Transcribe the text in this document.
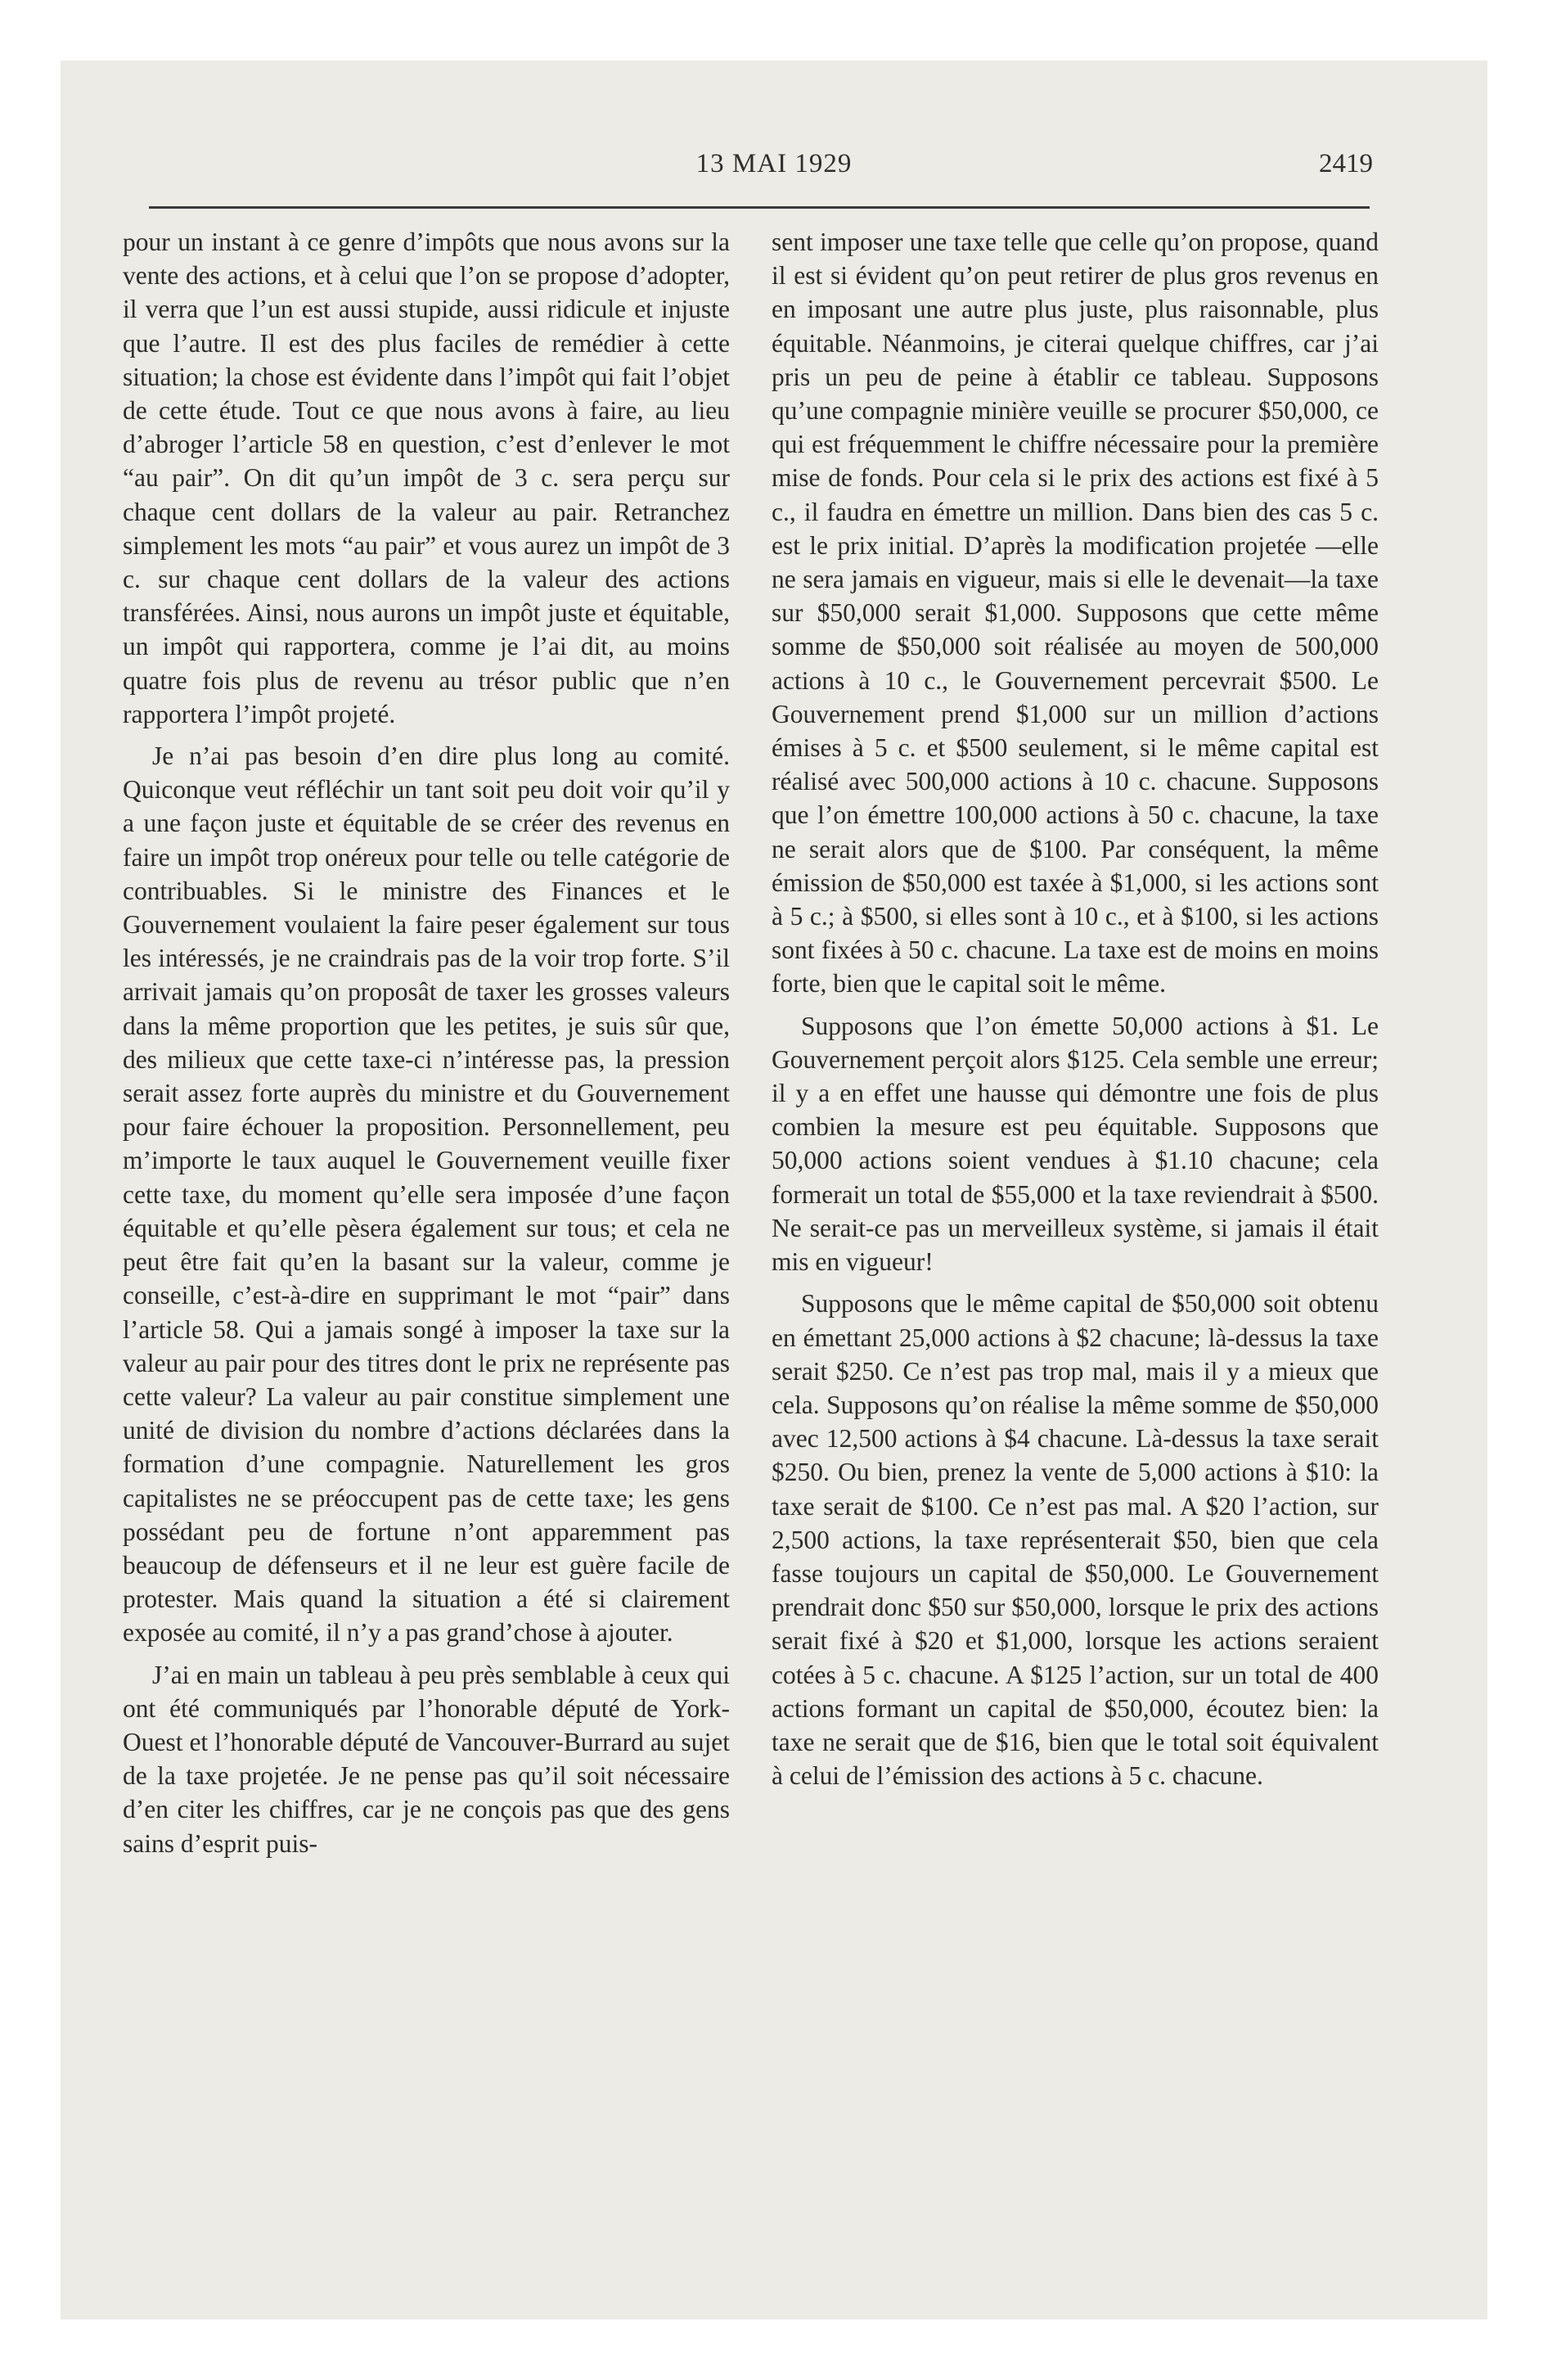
13 MAI 1929	2419

pour un instant à ce genre d’impôts que nous avons sur la vente des actions, et à celui que l’on se propose d’adopter, il verra que l’un est aussi stupide, aussi ridicule et injuste que l’autre. Il est des plus faciles de remédier à cette situation; la chose est évidente dans l’impôt qui fait l’objet de cette étude. Tout ce que nous avons à faire, au lieu d’abroger l’article 58 en question, c’est d’enlever le mot “au pair”. On dit qu’un impôt de 3 c. sera perçu sur chaque cent dollars de la valeur au pair. Retranchez simplement les mots “au pair” et vous aurez un impôt de 3 c. sur chaque cent dollars de la valeur des actions transférées. Ainsi, nous aurons un impôt juste et équitable, un impôt qui rapportera, comme je l’ai dit, au moins quatre fois plus de revenu au trésor public que n’en rapportera l’impôt projeté.

Je n’ai pas besoin d’en dire plus long au comité. Quiconque veut réfléchir un tant soit peu doit voir qu’il y a une façon juste et équitable de se créer des revenus en faire un impôt trop onéreux pour telle ou telle catégorie de contribuables. Si le ministre des Finances et le Gouvernement voulaient la faire peser également sur tous les intéressés, je ne craindrais pas de la voir trop forte. S’il arrivait jamais qu’on proposât de taxer les grosses valeurs dans la même proportion que les petites, je suis sûr que, des milieux que cette taxe-ci n’intéresse pas, la pression serait assez forte auprès du ministre et du Gouvernement pour faire échouer la proposition. Personnellement, peu m’importe le taux auquel le Gouvernement veuille fixer cette taxe, du moment qu’elle sera imposée d’une façon équitable et qu’elle pèsera également sur tous; et cela ne peut être fait qu’en la basant sur la valeur, comme je conseille, c’est-à-dire en supprimant le mot “pair” dans l’article 58. Qui a jamais songé à imposer la taxe sur la valeur au pair pour des titres dont le prix ne représente pas cette valeur? La valeur au pair constitue simplement une unité de division du nombre d’actions déclarées dans la formation d’une compagnie. Naturellement les gros capitalistes ne se préoccupent pas de cette taxe; les gens possédant peu de fortune n’ont apparemment pas beaucoup de défenseurs et il ne leur est guère facile de protester. Mais quand la situation a été si clairement exposée au comité, il n’y a pas grand’chose à ajouter.

J’ai en main un tableau à peu près semblable à ceux qui ont été communiqués par l’honorable député de York-Ouest et l’honorable député de Vancouver-Burrard au sujet de la taxe projetée. Je ne pense pas qu’il soit nécessaire d’en citer les chiffres, car je ne conçois pas que des gens sains d’esprit puis-

sent imposer une taxe telle que celle qu’on propose, quand il est si évident qu’on peut retirer de plus gros revenus en en imposant une autre plus juste, plus raisonnable, plus équitable. Néanmoins, je citerai quelque chiffres, car j’ai pris un peu de peine à établir ce tableau. Supposons qu’une compagnie minière veuille se procurer $50,000, ce qui est fréquemment le chiffre nécessaire pour la première mise de fonds. Pour cela si le prix des actions est fixé à 5 c., il faudra en émettre un million. Dans bien des cas 5 c. est le prix initial. D’après la modification projetée —elle ne sera jamais en vigueur, mais si elle le devenait—la taxe sur $50,000 serait $1,000. Supposons que cette même somme de $50,000 soit réalisée au moyen de 500,000 actions à 10 c., le Gouvernement percevrait $500. Le Gouvernement prend $1,000 sur un million d’actions émises à 5 c. et $500 seulement, si le même capital est réalisé avec 500,000 actions à 10 c. chacune. Supposons que l’on émettre 100,000 actions à 50 c. chacune, la taxe ne serait alors que de $100. Par conséquent, la même émission de $50,000 est taxée à $1,000, si les actions sont à 5 c.; à $500, si elles sont à 10 c., et à $100, si les actions sont fixées à 50 c. chacune. La taxe est de moins en moins forte, bien que le capital soit le même.

Supposons que l’on émette 50,000 actions à $1. Le Gouvernement perçoit alors $125. Cela semble une erreur; il y a en effet une hausse qui démontre une fois de plus combien la mesure est peu équitable. Supposons que 50,000 actions soient vendues à $1.10 chacune; cela formerait un total de $55,000 et la taxe reviendrait à $500. Ne serait-ce pas un merveilleux système, si jamais il était mis en vigueur!

Supposons que le même capital de $50,000 soit obtenu en émettant 25,000 actions à $2 chacune; là-dessus la taxe serait $250. Ce n’est pas trop mal, mais il y a mieux que cela. Supposons qu’on réalise la même somme de $50,000 avec 12,500 actions à $4 chacune. Là-dessus la taxe serait $250. Ou bien, prenez la vente de 5,000 actions à $10: la taxe serait de $100. Ce n’est pas mal. A $20 l’action, sur 2,500 actions, la taxe représenterait $50, bien que cela fasse toujours un capital de $50,000. Le Gouvernement prendrait donc $50 sur $50,000, lorsque le prix des actions serait fixé à $20 et $1,000, lorsque les actions seraient cotées à 5 c. chacune. A $125 l’action, sur un total de 400 actions formant un capital de $50,000, écoutez bien: la taxe ne serait que de $16, bien que le total soit équivalent à celui de l’émission des actions à 5 c. chacune.
